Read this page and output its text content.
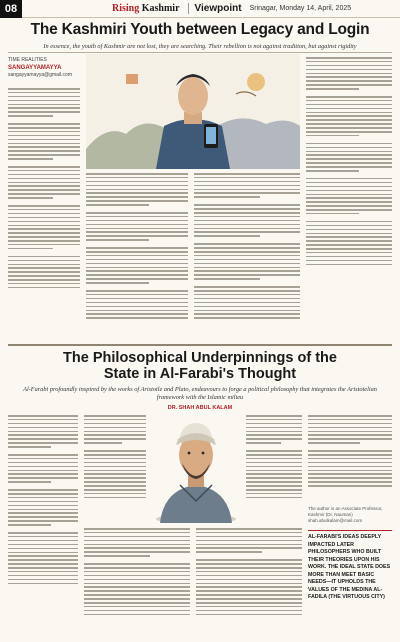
08	Rising Kashmir	Viewpoint Srinagar, Monday 14, April, 2025
The Kashmiri Youth between Legacy and Login
In essence, the youth of Kashmir are not lost, they are searching. Their rebellion is not against tradition, but against rigidity
TIME REALITIES
SANGAYYAMAYYA
sangayyamayya@gmail.com
The Philosophical Underpinnings of the
State in Al-Farabi's Thought
Al-Farabi profoundly inspired by the works of Aristotle and Plato, endeavours to forge a political philosophy that integrates the Aristotelian framework with the Islamic milieu
DR. SHAH ABUL KALAM
The author is an Associate Professor, Kashmir (Dr. Nauman) shah.abulkalam@mail.com
AL-FARABI'S IDEAS DEEPLY IMPACTED LATER PHILOSOPHERS WHO BUILT THEIR THEORIES UPON HIS WORK. THE IDEAL STATE DOES MORE THAN MEET BASIC NEEDS—IT UPHOLDS THE VALUES OF THE MEDINA AL-FADILA (THE VIRTUOUS CITY)
